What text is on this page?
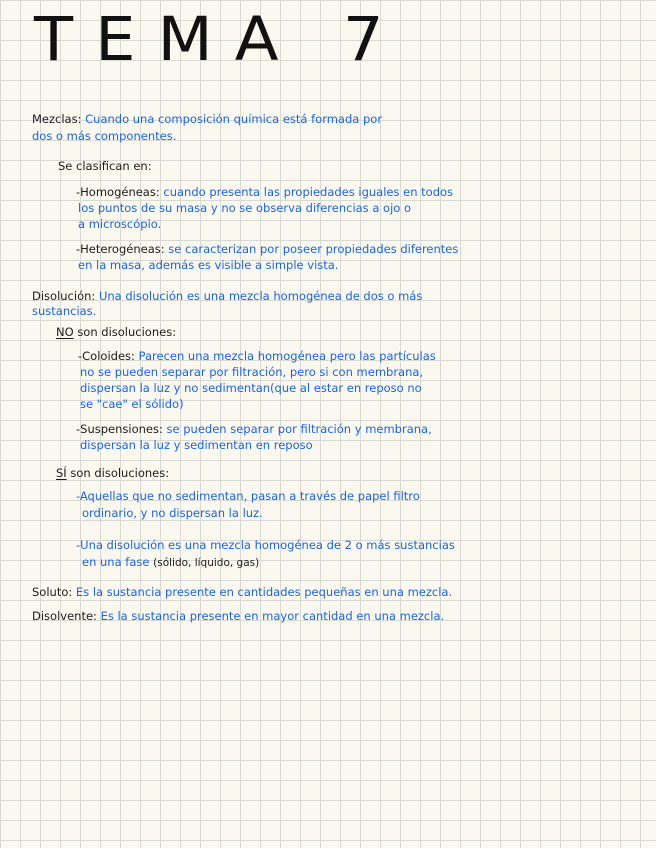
TEMA 7
Mezclas: Cuando una composición química está formada por
dos o más componentes.
Se clasifican en:
-Homogéneas: cuando presenta las propiedades iguales en todos
los puntos de su masa y no se observa diferencias a ojo o
a microscópio.
-Heterogéneas: se caracterizan por poseer propiedades diferentes
en la masa, además es visible a simple vista.
Disolución: Una disolución es una mezcla homogénea de dos o más
sustancias.
NO son disoluciones:
-Coloides: Parecen una mezcla homogénea pero las partículas
no se pueden separar por filtración, pero si con membrana,
dispersan la luz y no sedimentan(que al estar en reposo no
se "cae" el sólido)
-Suspensiones: se pueden separar por filtración y membrana,
dispersan la luz y sedimentan en reposo
SÍ son disoluciones:
-Aquellas que no sedimentan, pasan a través de papel filtro
ordinario, y no dispersan la luz.
-Una disolución es una mezcla homogénea de 2 o más sustancias
en una fase (sólido, líquido, gas)
Soluto: Es la sustancia presente en cantidades pequeñas en una mezcla.
Disolvente: Es la sustancia presente en mayor cantidad en una mezcla.
